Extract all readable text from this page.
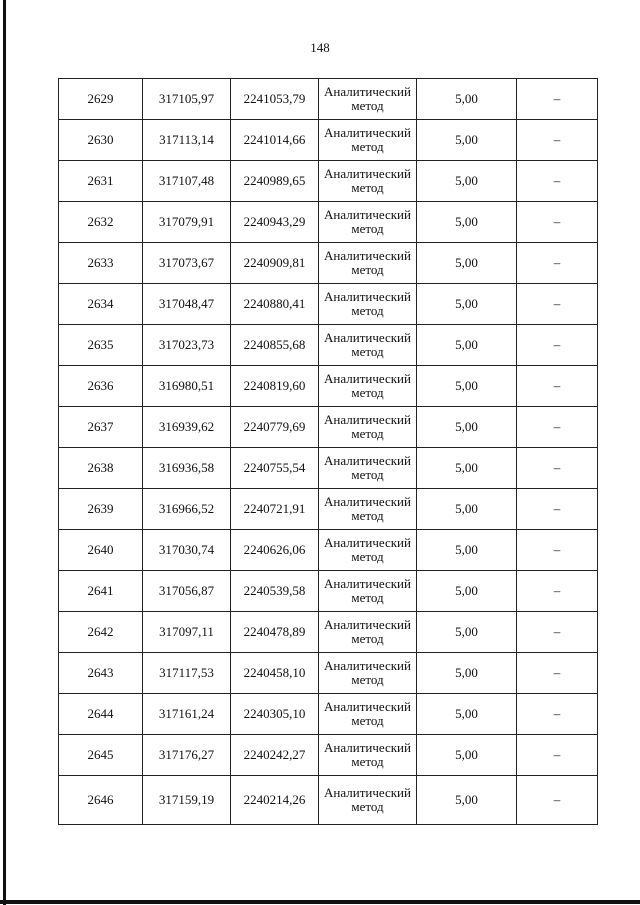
148
2629	317105,97	2241053,79	Аналитический метод	5,00	–
2630	317113,14	2241014,66	Аналитический метод	5,00	–
2631	317107,48	2240989,65	Аналитический метод	5,00	–
2632	317079,91	2240943,29	Аналитический метод	5,00	–
2633	317073,67	2240909,81	Аналитический метод	5,00	–
2634	317048,47	2240880,41	Аналитический метод	5,00	–
2635	317023,73	2240855,68	Аналитический метод	5,00	–
2636	316980,51	2240819,60	Аналитический метод	5,00	–
2637	316939,62	2240779,69	Аналитический метод	5,00	–
2638	316936,58	2240755,54	Аналитический метод	5,00	–
2639	316966,52	2240721,91	Аналитический метод	5,00	–
2640	317030,74	2240626,06	Аналитический метод	5,00	–
2641	317056,87	2240539,58	Аналитический метод	5,00	–
2642	317097,11	2240478,89	Аналитический метод	5,00	–
2643	317117,53	2240458,10	Аналитический метод	5,00	–
2644	317161,24	2240305,10	Аналитический метод	5,00	–
2645	317176,27	2240242,27	Аналитический метод	5,00	–
2646	317159,19	2240214,26	Аналитический метод	5,00	–
